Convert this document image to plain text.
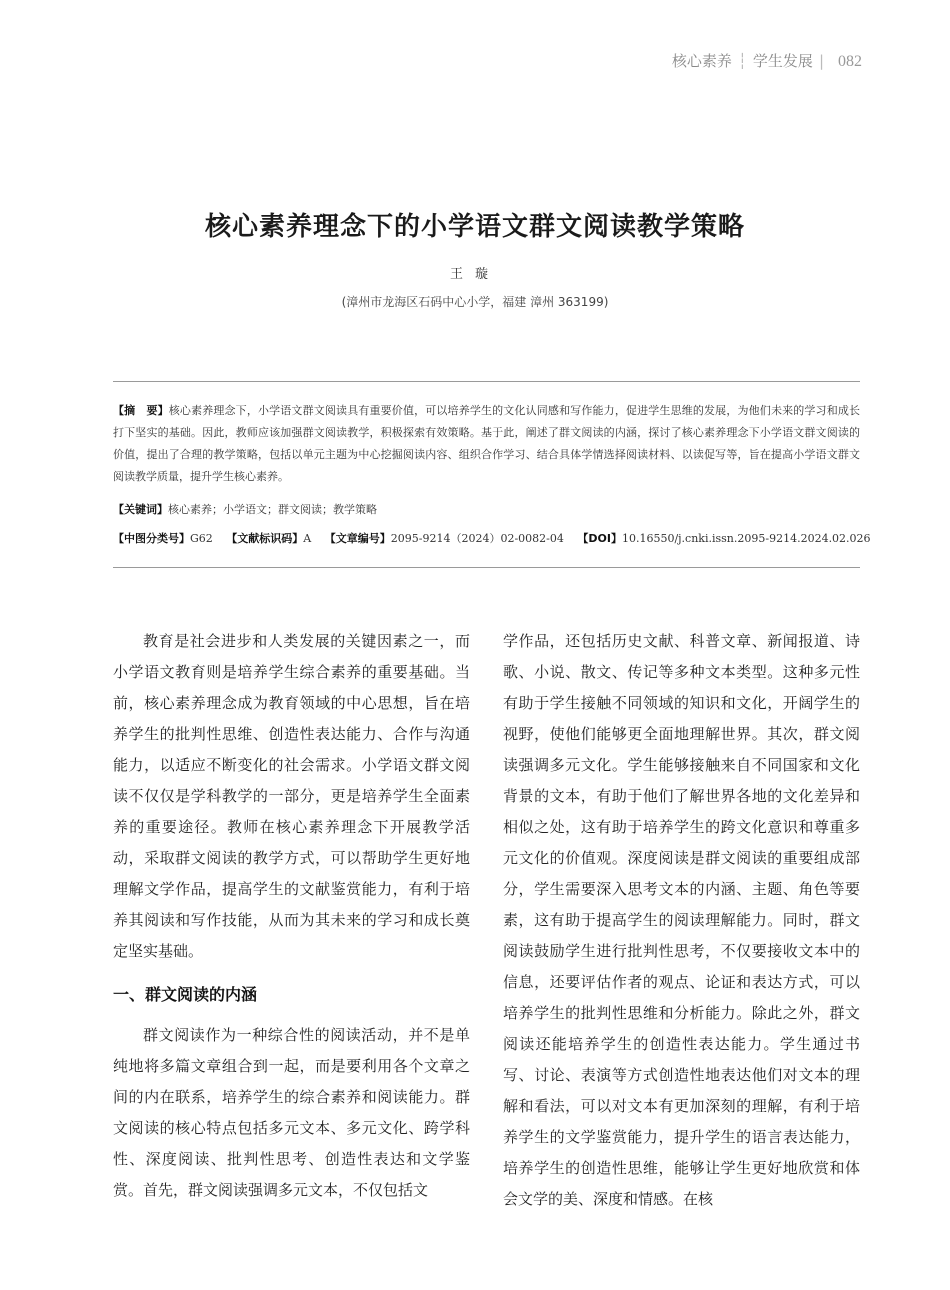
核心素养 ┆ 学生发展 | 082
核心素养理念下的小学语文群文阅读教学策略
王璇
(漳州市龙海区石码中心小学，福建 漳州 363199)
【摘　要】核心素养理念下，小学语文群文阅读具有重要价值，可以培养学生的文化认同感和写作能力，促进学生思维的发展，为他们未来的学习和成长打下坚实的基础。因此，教师应该加强群文阅读教学，积极探索有效策略。基于此，阐述了群文阅读的内涵，探讨了核心素养理念下小学语文群文阅读的价值，提出了合理的教学策略，包括以单元主题为中心挖掘阅读内容、组织合作学习、结合具体学情选择阅读材料、以读促写等，旨在提高小学语文群文阅读教学质量，提升学生核心素养。
【关键词】核心素养；小学语文；群文阅读；教学策略
【中图分类号】G62 【文献标识码】A 【文章编号】2095-9214（2024）02-0082-04 【DOI】10.16550/j.cnki.issn.2095-9214.2024.02.026

教育是社会进步和人类发展的关键因素之一，而小学语文教育则是培养学生综合素养的重要基础。当前，核心素养理念成为教育领域的中心思想，旨在培养学生的批判性思维、创造性表达能力、合作与沟通能力，以适应不断变化的社会需求。小学语文群文阅读不仅仅是学科教学的一部分，更是培养学生全面素养的重要途径。教师在核心素养理念下开展教学活动，采取群文阅读的教学方式，可以帮助学生更好地理解文学作品，提高学生的文献鉴赏能力，有利于培养其阅读和写作技能，从而为其未来的学习和成长奠定坚实基础。

一、群文阅读的内涵

群文阅读作为一种综合性的阅读活动，并不是单纯地将多篇文章组合到一起，而是要利用各个文章之间的内在联系，培养学生的综合素养和阅读能力。群文阅读的核心特点包括多元文本、多元文化、跨学科性、深度阅读、批判性思考、创造性表达和文学鉴赏。首先，群文阅读强调多元文本，不仅包括文

学作品，还包括历史文献、科普文章、新闻报道、诗歌、小说、散文、传记等多种文本类型。这种多元性有助于学生接触不同领域的知识和文化，开阔学生的视野，使他们能够更全面地理解世界。其次，群文阅读强调多元文化。学生能够接触来自不同国家和文化背景的文本，有助于他们了解世界各地的文化差异和相似之处，这有助于培养学生的跨文化意识和尊重多元文化的价值观。深度阅读是群文阅读的重要组成部分，学生需要深入思考文本的内涵、主题、角色等要素，这有助于提高学生的阅读理解能力。同时，群文阅读鼓励学生进行批判性思考，不仅要接收文本中的信息，还要评估作者的观点、论证和表达方式，可以培养学生的批判性思维和分析能力。除此之外，群文阅读还能培养学生的创造性表达能力。学生通过书写、讨论、表演等方式创造性地表达他们对文本的理解和看法，可以对文本有更加深刻的理解，有利于培养学生的文学鉴赏能力，提升学生的语言表达能力，培养学生的创造性思维，能够让学生更好地欣赏和体会文学的美、深度和情感。在核
